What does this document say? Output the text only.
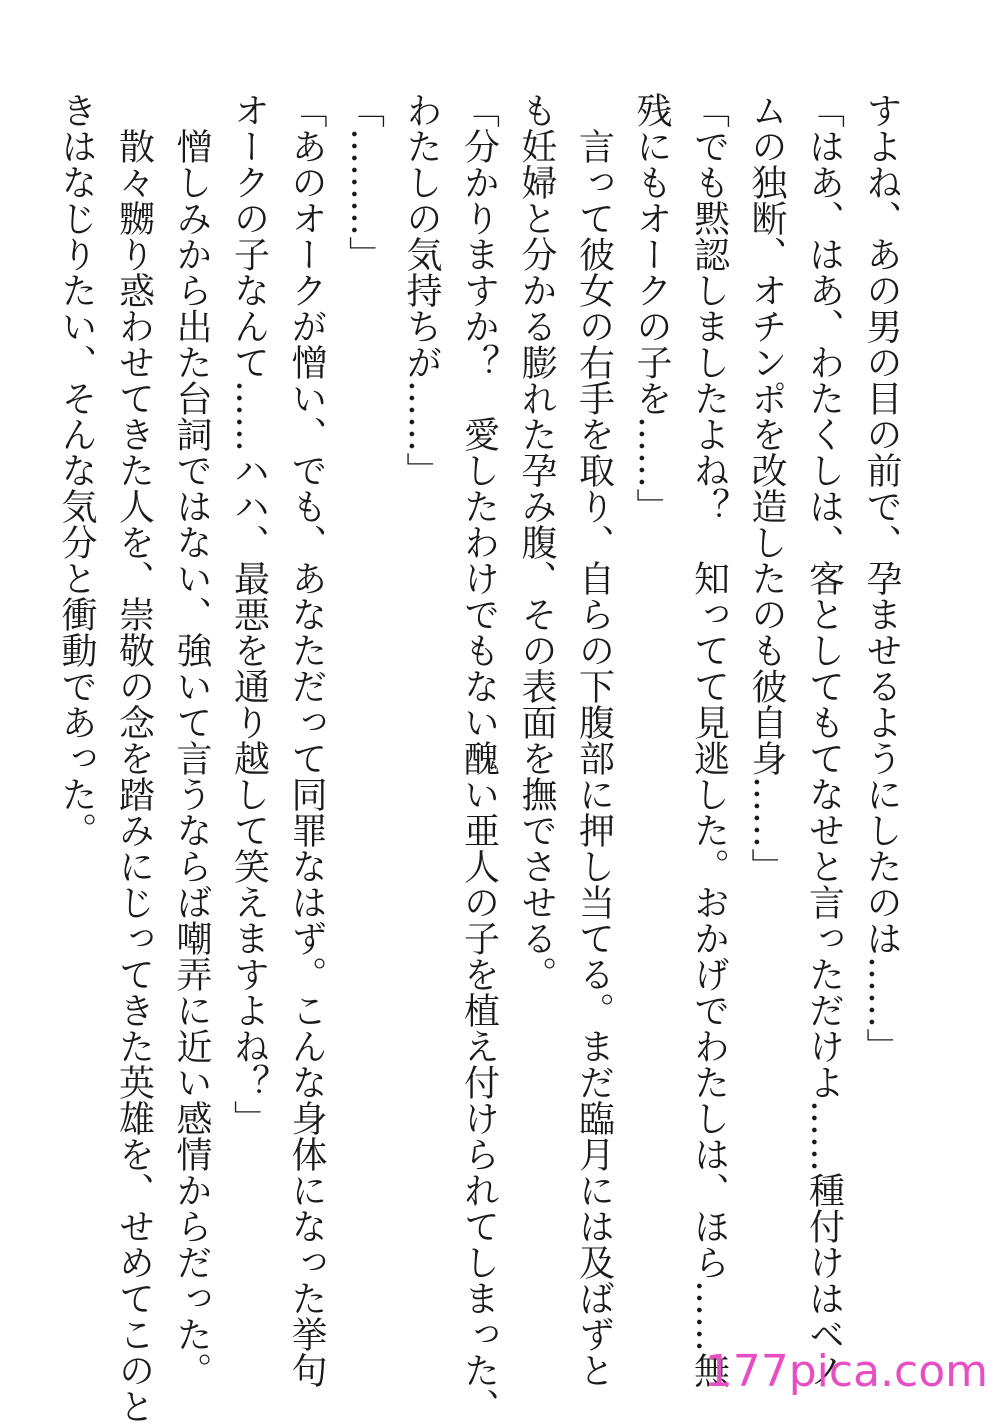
すよね、あの男の目の前で、孕ませるようにしたのは……」
「はあ、はあ、わたくしは、客としてもてなせと言っただけよ……種付けはベノ
ムの独断、オチンポを改造したのも彼自身……」
「でも黙認しましたよね？　知ってて見逃した。おかげでわたしは、ほら……無
残にもオークの子を……」
　言って彼女の右手を取り、自らの下腹部に押し当てる。まだ臨月には及ばずと
も妊婦と分かる膨れた孕み腹、その表面を撫でさせる。
「分かりますか？　愛したわけでもない醜い亜人の子を植え付けられてしまった、
わたしの気持ちが……」
「………」
「あのオークが憎い、でも、あなただって同罪なはず。こんな身体になった挙句
オークの子なんて……ハハ、最悪を通り越して笑えますよね？」
　憎しみから出た台詞ではない、強いて言うならば嘲弄に近い感情からだった。
　散々嬲り惑わせてきた人を、崇敬の念を踏みにじってきた英雄を、せめてこのと
きはなじりたい、そんな気分と衝動であった。
177pica.com
